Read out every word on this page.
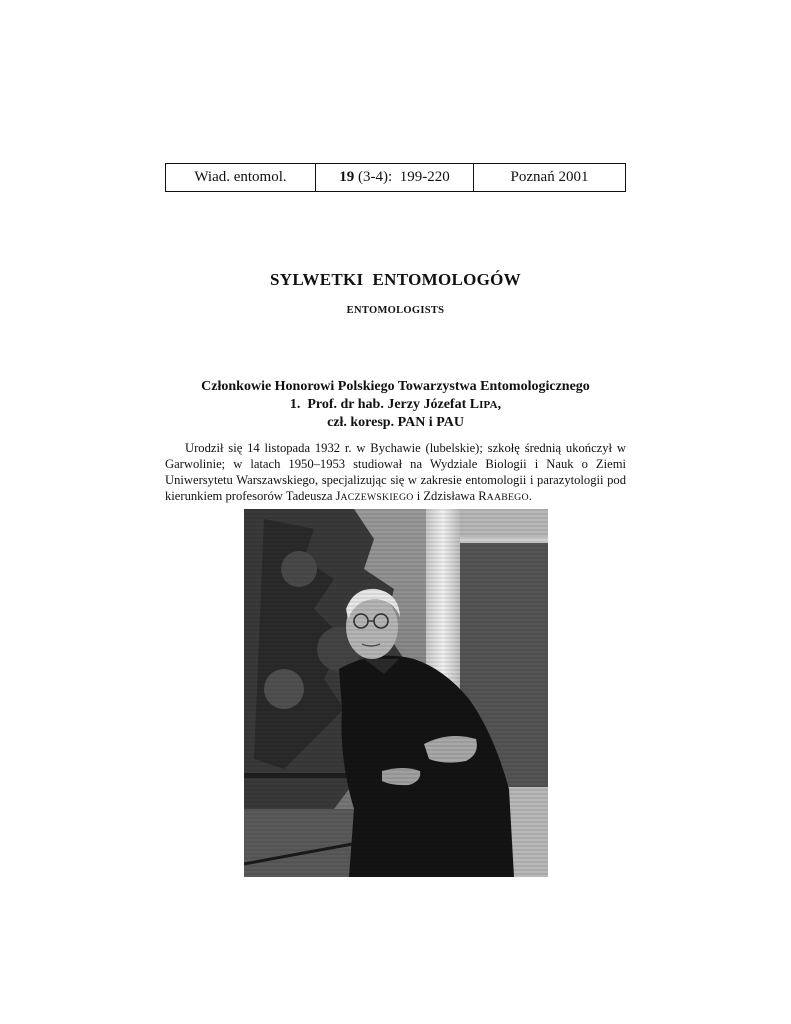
Wiad. entomol.	19 (3-4):  199-220	Poznań 2001
SYLWETKI  ENTOMOLOGÓW
ENTOMOLOGISTS
Członkowie Honorowi Polskiego Towarzystwa Entomologicznego
1.  Prof. dr hab. Jerzy Józefat LIPA,
czł. koresp. PAN i PAU

Urodził się 14 listopada 1932 r. w Bychawie (lubelskie); szkołę średnią ukończył w Garwolinie; w latach 1950–1953 studiował na Wydziale Biologii i Nauk o Ziemi Uniwersytetu Warszawskiego, specjalizując się w zakresie entomologii i parazytologii pod kierunkiem profesorów Tadeusza JACZEWSKIEGO i Zdzisława RAABEGO.
